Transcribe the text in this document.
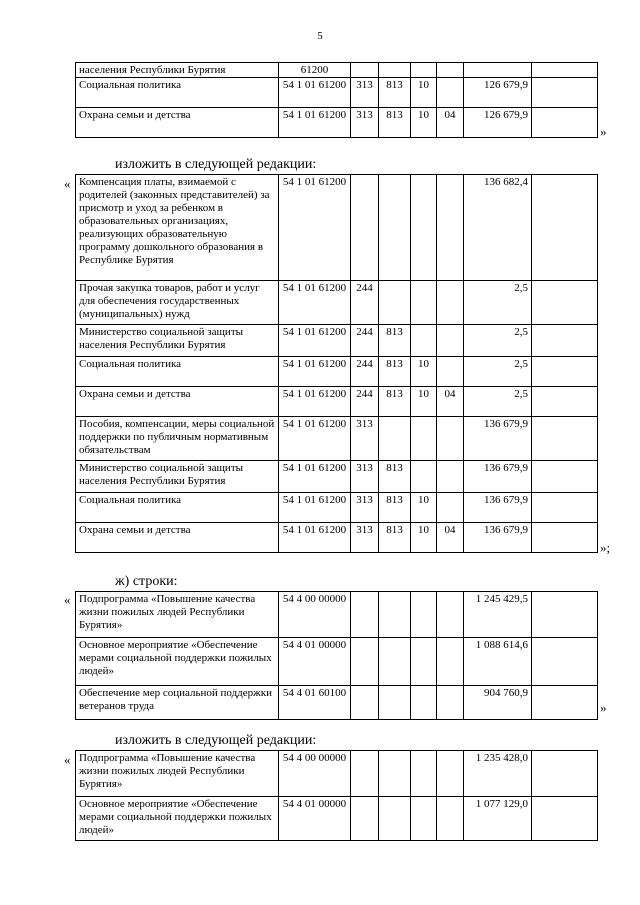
5
населения Республики Бурятия	61200						
Социальная политика	54 1 01 61200	313	813	10		126 679,9	
Охрана семьи и детства	54 1 01 61200	313	813	10	04	126 679,9	
»
изложить в следующей редакции:
« Компенсация платы, взимаемой с родителей (законных представителей) за присмотр и уход за ребенком в образовательных организациях, реализующих образовательную программу дошкольного образования в Республике Бурятия	54 1 01 61200					136 682,4	
Прочая закупка товаров, работ и услуг для обеспечения государственных (муниципальных) нужд	54 1 01 61200	244				2,5	
Министерство социальной защиты населения Республики Бурятия	54 1 01 61200	244	813			2,5	
Социальная политика	54 1 01 61200	244	813	10		2,5	
Охрана семьи и детства	54 1 01 61200	244	813	10	04	2,5	
Пособия, компенсации, меры социальной поддержки по публичным нормативным обязательствам	54 1 01 61200	313				136 679,9	
Министерство социальной защиты населения Республики Бурятия	54 1 01 61200	313	813			136 679,9	
Социальная политика	54 1 01 61200	313	813	10		136 679,9	
Охрана семьи и детства	54 1 01 61200	313	813	10	04	136 679,9	
»;
ж) строки:
« Подпрограмма «Повышение качества жизни пожилых людей Республики Бурятия»	54 4 00 00000					1 245 429,5	
Основное мероприятие «Обеспечение мерами социальной поддержки пожилых людей»	54 4 01 00000					1 088 614,6	
Обеспечение мер социальной поддержки ветеранов труда	54 4 01 60100					904 760,9	
»
изложить в следующей редакции:
« Подпрограмма «Повышение качества жизни пожилых людей Республики Бурятия»	54 4 00 00000					1 235 428,0	
Основное мероприятие «Обеспечение мерами социальной поддержки пожилых людей»	54 4 01 00000					1 077 129,0	
